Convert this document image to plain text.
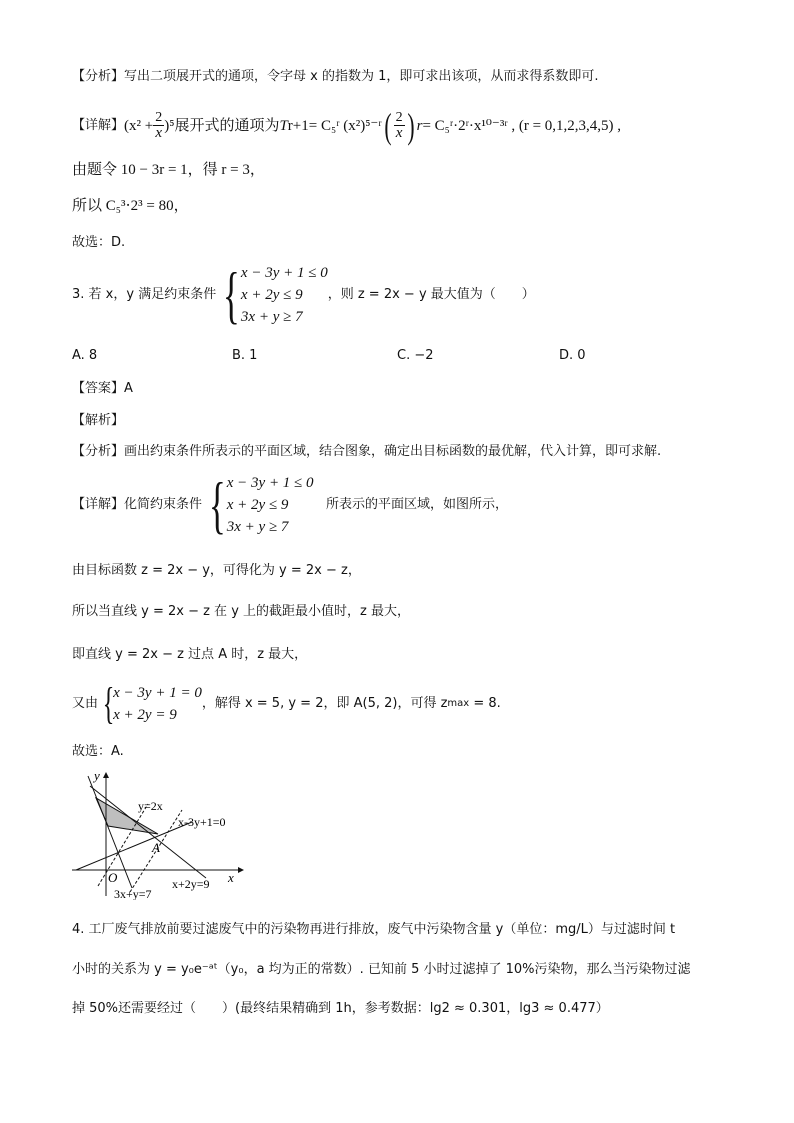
【分析】写出二项展开式的通项，令字母 x 的指数为 1，即可求出该项，从而求得系数即可.
【详解】 $(x^2 + \frac{2}{x} )^5$展开式的通项为 T r+1 = C₅ʳ (x²)⁵⁻ʳ ( $\frac{2}{x}$ ) r = C₅ʳ·2ʳ·x¹⁰⁻³ʳ , (r = 0,1,2,3,4,5) ,
由题令 10 − 3r = 1，得 r = 3，
所以 C₅³⋅2³ = 80，
故选：D.
3.
若 x，y 满足约束条件 { x − 3y + 1 ≤ 0
x + 2y ≤ 9
3x + y ≥ 7
，则 z = 2x − y 最大值为（　　）
A. 8	B. 1	C. −2	D. 0
【答案】A
【解析】
【分析】画出约束条件所表示的平面区域，结合图象，确定出目标函数的最优解，代入计算，即可求解.
【详解】 化简约束条件 { x − 3y + 1 ≤ 0
x + 2y ≤ 9
3x + y ≥ 7

所表示的平面区域，如图所示，
由目标函数 z = 2x − y，可得化为 y = 2x − z，
所以当直线 y = 2x − z 在 y 上的截距最小值时，z 最大，
即直线 y = 2x − z 过点 A 时，z 最大，
又由 {
x − 3y + 1 = 0
x + 2y = 9
，解得 x = 5, y = 2，即 A(5, 2)，可得 z max
= 8.
故选：A.
y
x
O
A
y=2x
x-3y+1=0
x+2y=9
3x+y=7
4. 工厂废气排放前要过滤废气中的污染物再进行排放，废气中污染物含量 y（单位：mg/L）与过滤时间 t
小时的关系为 y = y₀e⁻ᵃᵗ（y₀，a 均为正的常数）. 已知前 5 小时过滤掉了 10%污染物，那么当污染物过滤
掉 50%还需要经过（　　）(最终结果精确到 1h，参考数据：lg2 ≈ 0.301，lg3 ≈ 0.477）
